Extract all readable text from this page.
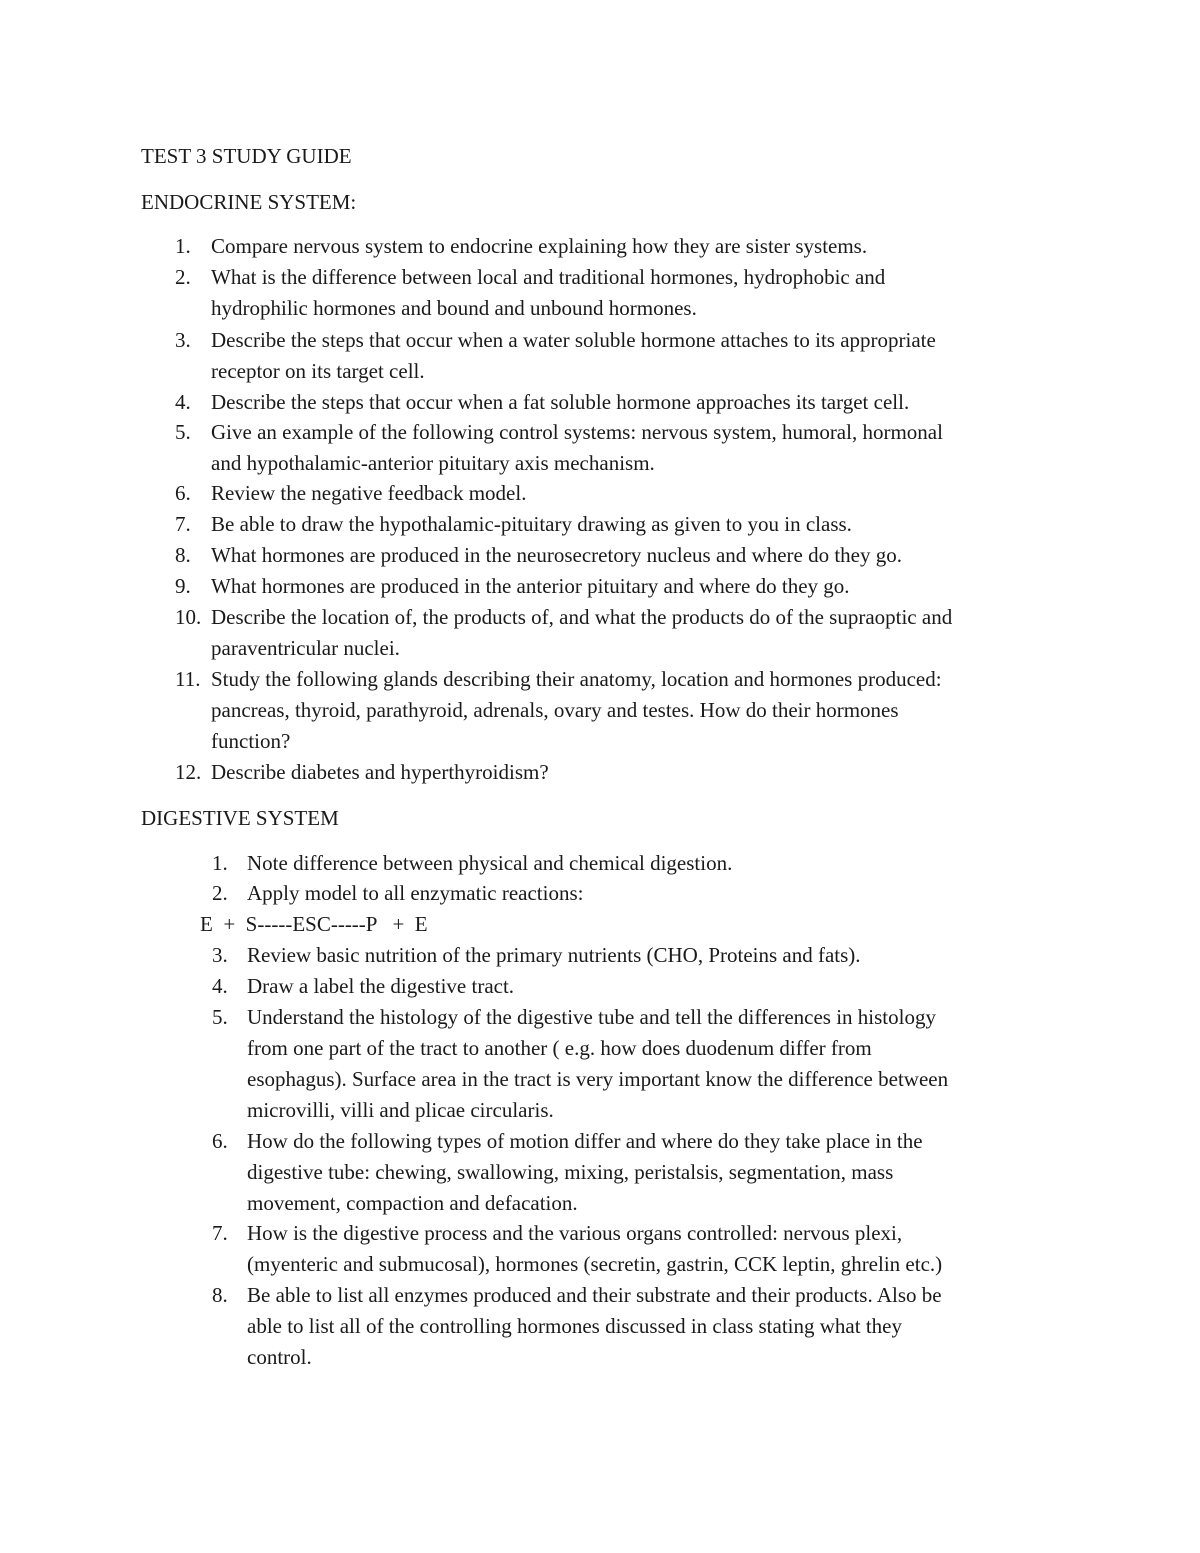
TEST 3 STUDY GUIDE
ENDOCRINE SYSTEM:
1. Compare nervous system to endocrine explaining how they are sister systems.
2. What is the difference between local and traditional hormones, hydrophobic and
hydrophilic hormones and bound and unbound hormones.
3. Describe the steps that occur when a water soluble hormone attaches to its appropriate
receptor on its target cell.
4. Describe the steps that occur when a fat soluble hormone approaches its target cell.
5. Give an example of the following control systems: nervous system, humoral, hormonal
and hypothalamic-anterior pituitary axis mechanism.
6. Review the negative feedback model.
7. Be able to draw the hypothalamic-pituitary drawing as given to you in class.
8. What hormones are produced in the neurosecretory nucleus and where do they go.
9. What hormones are produced in the anterior pituitary and where do they go.
10. Describe the location of, the products of, and what the products do of the supraoptic and
paraventricular nuclei.
11. Study the following glands describing their anatomy, location and hormones produced:
pancreas, thyroid, parathyroid, adrenals, ovary and testes. How do their hormones
function?
12. Describe diabetes and hyperthyroidism?
DIGESTIVE SYSTEM
1. Note difference between physical and chemical digestion.
2. Apply model to all enzymatic reactions:
E  +  S-----ESC-----P   +  E
3. Review basic nutrition of the primary nutrients (CHO, Proteins and fats).
4. Draw a label the digestive tract.
5. Understand the histology of the digestive tube and tell the differences in histology
from one part of the tract to another ( e.g. how does duodenum differ from
esophagus). Surface area in the tract is very important know the difference between
microvilli, villi and plicae circularis.
6. How do the following types of motion differ and where do they take place in the
digestive tube: chewing, swallowing, mixing, peristalsis, segmentation, mass
movement, compaction and defacation.
7. How is the digestive process and the various organs controlled: nervous plexi,
(myenteric and submucosal), hormones (secretin, gastrin, CCK leptin, ghrelin etc.)
8. Be able to list all enzymes produced and their substrate and their products. Also be
able to list all of the controlling hormones discussed in class stating what they
control.
